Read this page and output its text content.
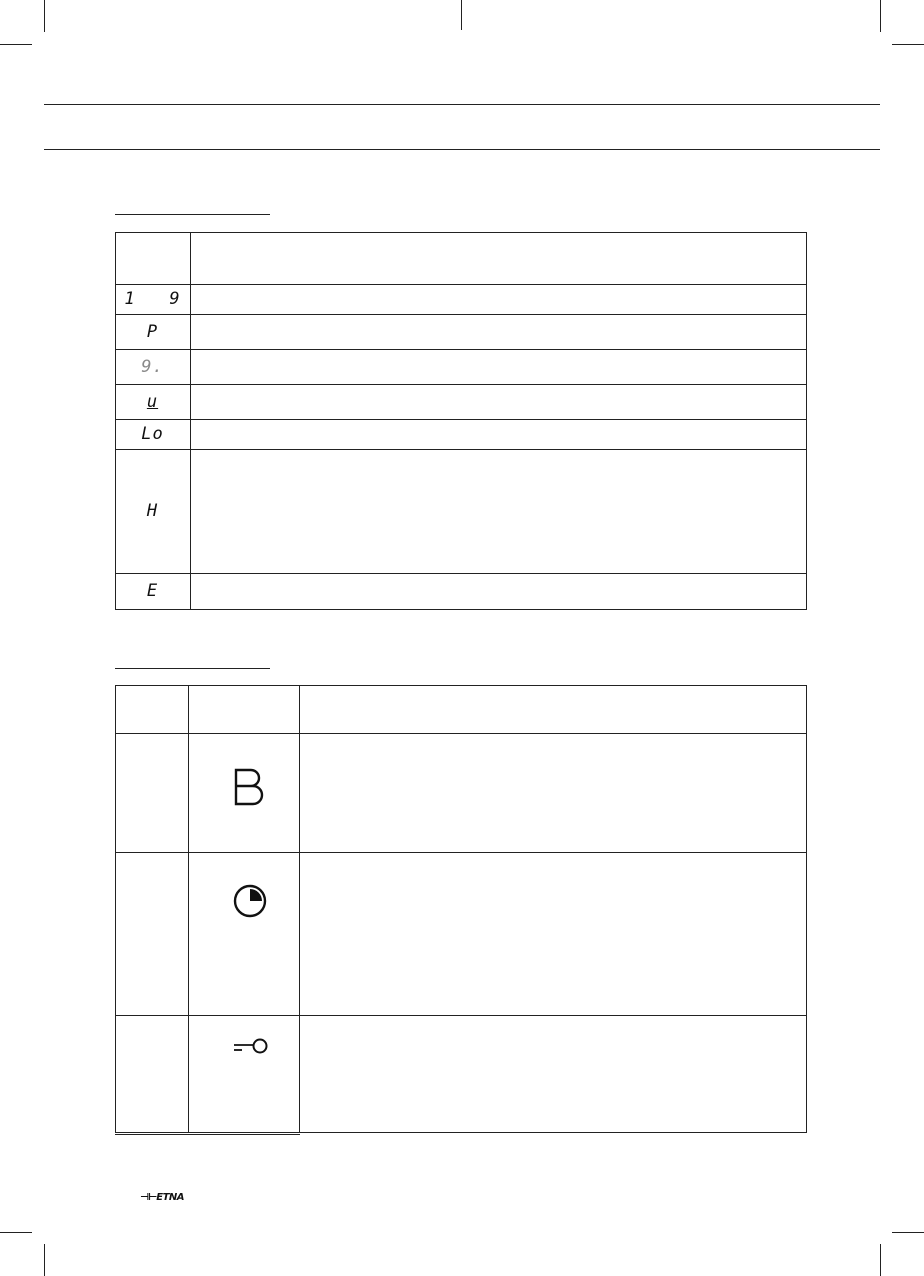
1   9
P
9.
u
Lo
H
E
⊣⊢ETNA
